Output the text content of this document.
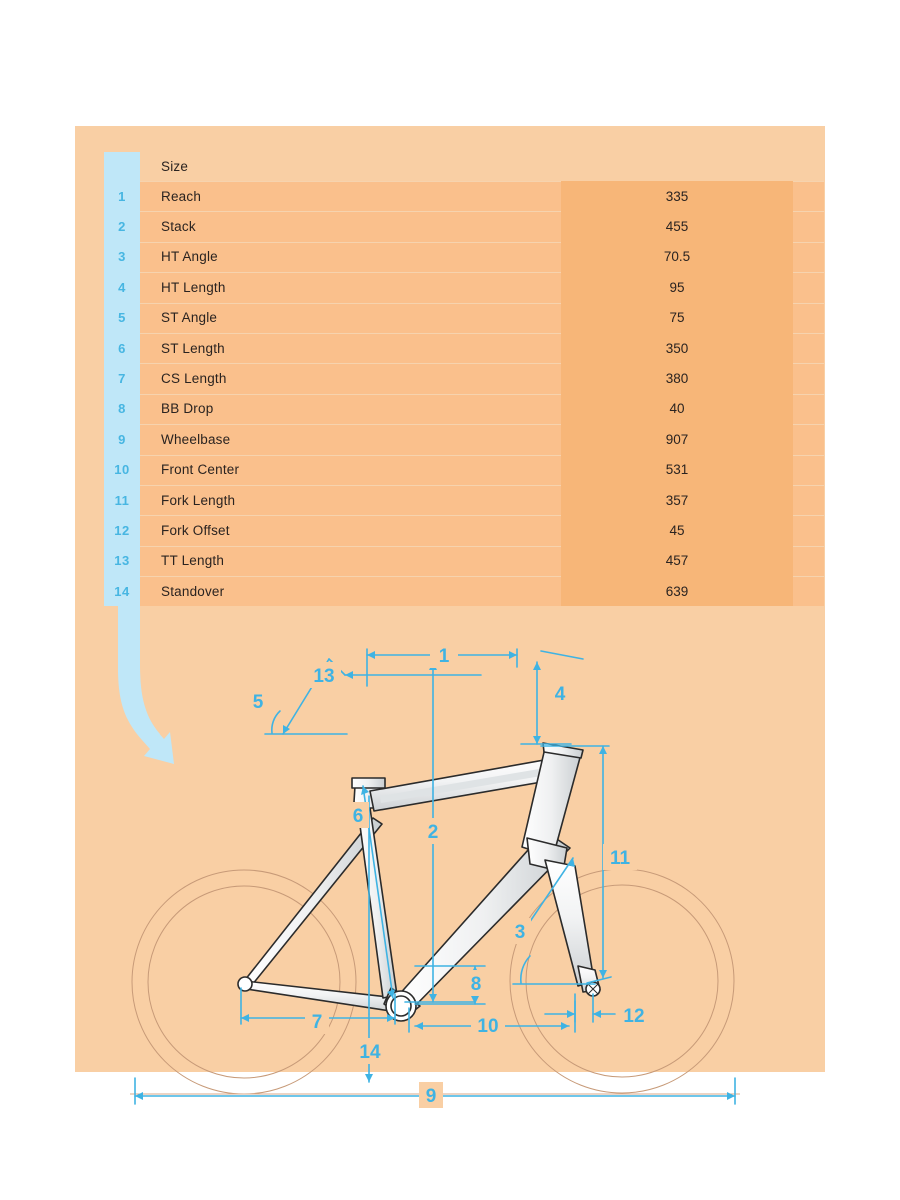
Size
1	Reach	335
2	Stack	455
3	HT Angle	70.5
4	HT Length	95
5	ST Angle	75
6	ST Length	350
7	CS Length	380
8	BB Drop	40
9	Wheelbase	907
10	Front Center	531
11	Fork Length	357
12	Fork Offset	45
13	TT Length	457
14	Standover	639
1
13
5	4
11
3
12
2
6
8
7	10
14
9
